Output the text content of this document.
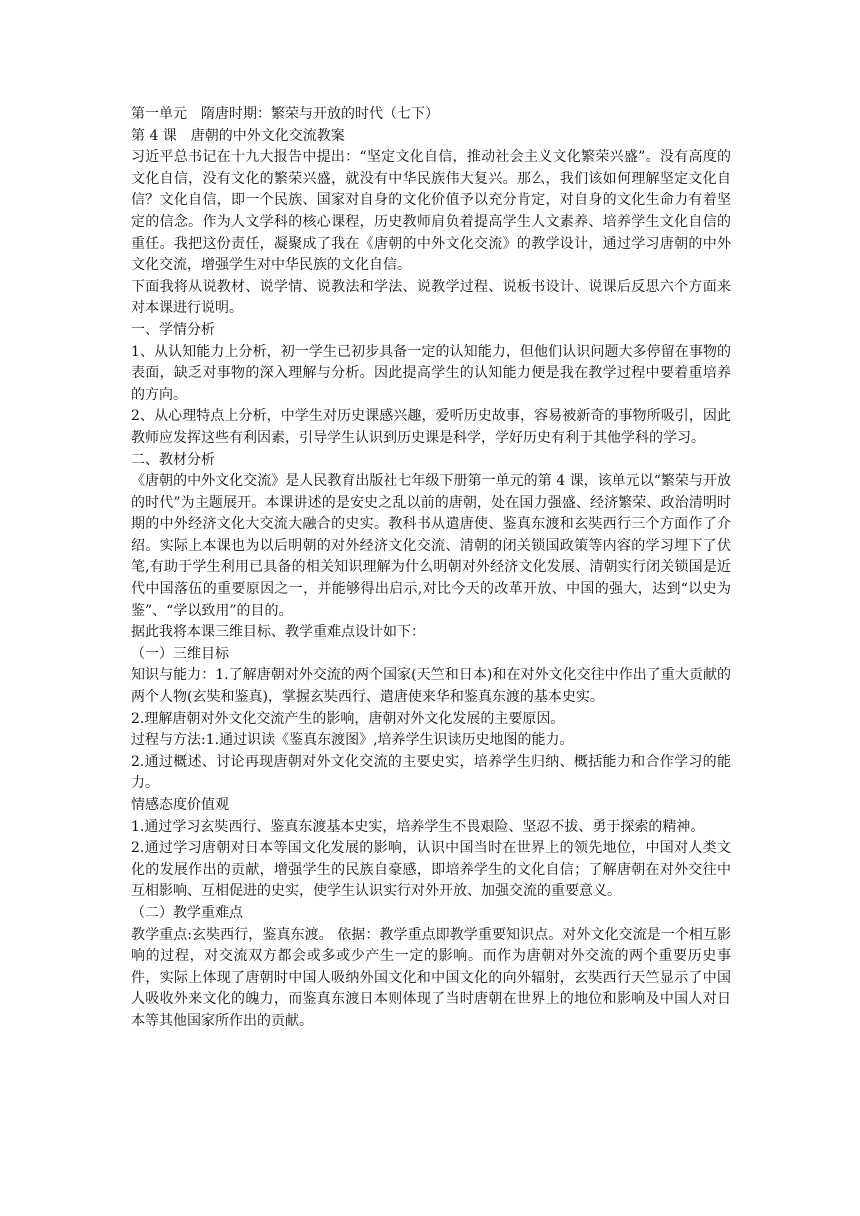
第一单元　隋唐时期：繁荣与开放的时代（七下）

第 4 课　唐朝的中外文化交流教案

习近平总书记在十九大报告中提出：“坚定文化自信，推动社会主义文化繁荣兴盛”。没有高度的文化自信，没有文化的繁荣兴盛，就没有中华民族伟大复兴。那么，我们该如何理解坚定文化自信？文化自信，即一个民族、国家对自身的文化价值予以充分肯定，对自身的文化生命力有着坚定的信念。作为人文学科的核心课程，历史教师肩负着提高学生人文素养、培养学生文化自信的重任。我把这份责任，凝聚成了我在《唐朝的中外文化交流》的教学设计，通过学习唐朝的中外文化交流，增强学生对中华民族的文化自信。

下面我将从说教材、说学情、说教法和学法、说教学过程、说板书设计、说课后反思六个方面来对本课进行说明。

一、学情分析

1、从认知能力上分析，初一学生已初步具备一定的认知能力，但他们认识问题大多停留在事物的表面，缺乏对事物的深入理解与分析。因此提高学生的认知能力便是我在教学过程中要着重培养的方向。

2、从心理特点上分析，中学生对历史课感兴趣，爱听历史故事，容易被新奇的事物所吸引，因此教师应发挥这些有利因素，引导学生认识到历史课是科学，学好历史有利于其他学科的学习。

二、教材分析

《唐朝的中外文化交流》是人民教育出版社七年级下册第一单元的第 4 课，该单元以“繁荣与开放的时代”为主题展开。本课讲述的是安史之乱以前的唐朝，处在国力强盛、经济繁荣、政治清明时期的中外经济文化大交流大融合的史实。教科书从遣唐使、鉴真东渡和玄奘西行三个方面作了介绍。实际上本课也为以后明朝的对外经济文化交流、清朝的闭关锁国政策等内容的学习埋下了伏笔,有助于学生利用已具备的相关知识理解为什么明朝对外经济文化发展、清朝实行闭关锁国是近代中国落伍的重要原因之一，并能够得出启示,对比今天的改革开放、中国的强大，达到“以史为鉴”、“学以致用”的目的。

据此我将本课三维目标、教学重难点设计如下：

（一）三维目标

知识与能力：1.了解唐朝对外交流的两个国家(天竺和日本)和在对外文化交往中作出了重大贡献的两个人物(玄奘和鉴真)，掌握玄奘西行、遣唐使来华和鉴真东渡的基本史实。

2.理解唐朝对外文化交流产生的影响，唐朝对外文化发展的主要原因。

过程与方法:1.通过识读《鉴真东渡图》,培养学生识读历史地图的能力。

2.通过概述、讨论再现唐朝对外文化交流的主要史实，培养学生归纳、概括能力和合作学习的能力。

情感态度价值观

1.通过学习玄奘西行、鉴真东渡基本史实，培养学生不畏艰险、坚忍不拔、勇于探索的精神。

2.通过学习唐朝对日本等国文化发展的影响，认识中国当时在世界上的领先地位，中国对人类文化的发展作出的贡献，增强学生的民族自豪感，即培养学生的文化自信；了解唐朝在对外交往中互相影响、互相促进的史实，使学生认识实行对外开放、加强交流的重要意义。

（二）教学重难点

教学重点:玄奘西行，鉴真东渡。 依据：教学重点即教学重要知识点。对外文化交流是一个相互影响的过程，对交流双方都会或多或少产生一定的影响。而作为唐朝对外交流的两个重要历史事件，实际上体现了唐朝时中国人吸纳外国文化和中国文化的向外辐射，玄奘西行天竺显示了中国人吸收外来文化的魄力，而鉴真东渡日本则体现了当时唐朝在世界上的地位和影响及中国人对日本等其他国家所作出的贡献。
